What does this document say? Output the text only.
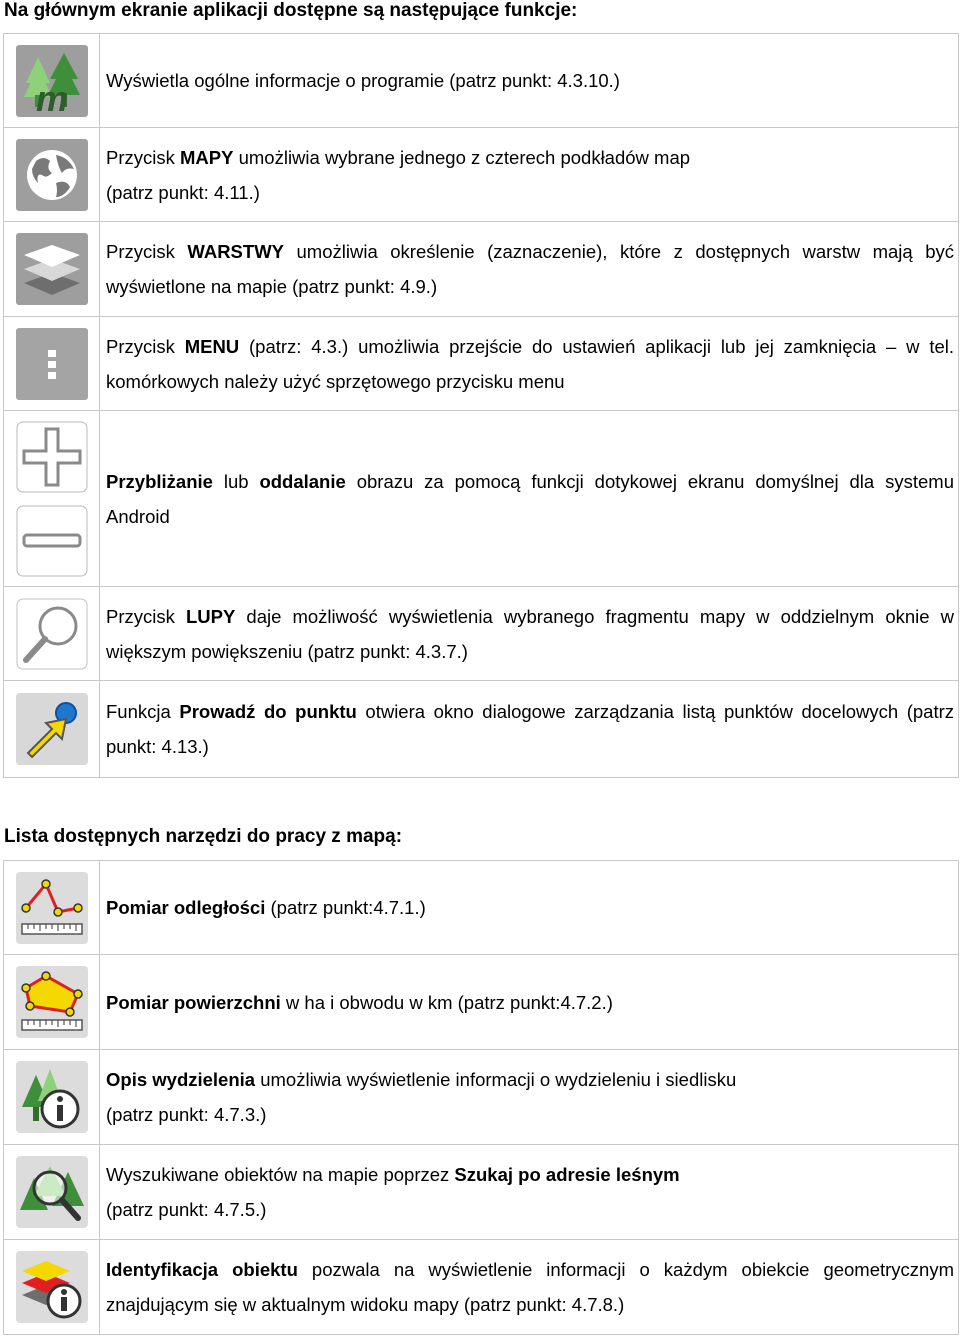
Na głównym ekranie aplikacji dostępne są następujące funkcje:
m	Wyświetla ogólne informacje o programie (patrz punkt: 4.3.10.)

	Przycisk MAPY umożliwia wybrane jednego z czterech podkładów map
(patrz punkt: 4.11.)

	Przycisk WARSTWY umożliwia określenie (zaznaczenie), które z dostępnych warstw mają być wyświetlone na mapie (patrz punkt: 4.9.)

	Przycisk MENU (patrz: 4.3.) umożliwia przejście do ustawień aplikacji lub jej zamknięcia – w tel. komórkowych należy użyć sprzętowego przycisku menu

	Przybliżanie lub oddalanie obrazu za pomocą funkcji dotykowej ekranu domyślnej dla systemu Android

	Przycisk LUPY daje możliwość wyświetlenia wybranego fragmentu mapy w oddzielnym oknie w większym powiększeniu (patrz punkt: 4.3.7.)

	Funkcja Prowadź do punktu otwiera okno dialogowe zarządzania listą punktów docelowych (patrz punkt: 4.13.)
Lista dostępnych narzędzi do pracy z mapą:
	Pomiar odległości (patrz punkt:4.7.1.)

	Pomiar powierzchni w ha i obwodu w km (patrz punkt:4.7.2.)

	Opis wydzielenia umożliwia wyświetlenie informacji o wydzieleniu i siedlisku
(patrz punkt: 4.7.3.)

	Wyszukiwane obiektów na mapie poprzez Szukaj po adresie leśnym
(patrz punkt: 4.7.5.)

	Identyfikacja obiektu pozwala na wyświetlenie informacji o każdym obiekcie geometrycznym znajdującym się w aktualnym widoku mapy (patrz punkt: 4.7.8.)
